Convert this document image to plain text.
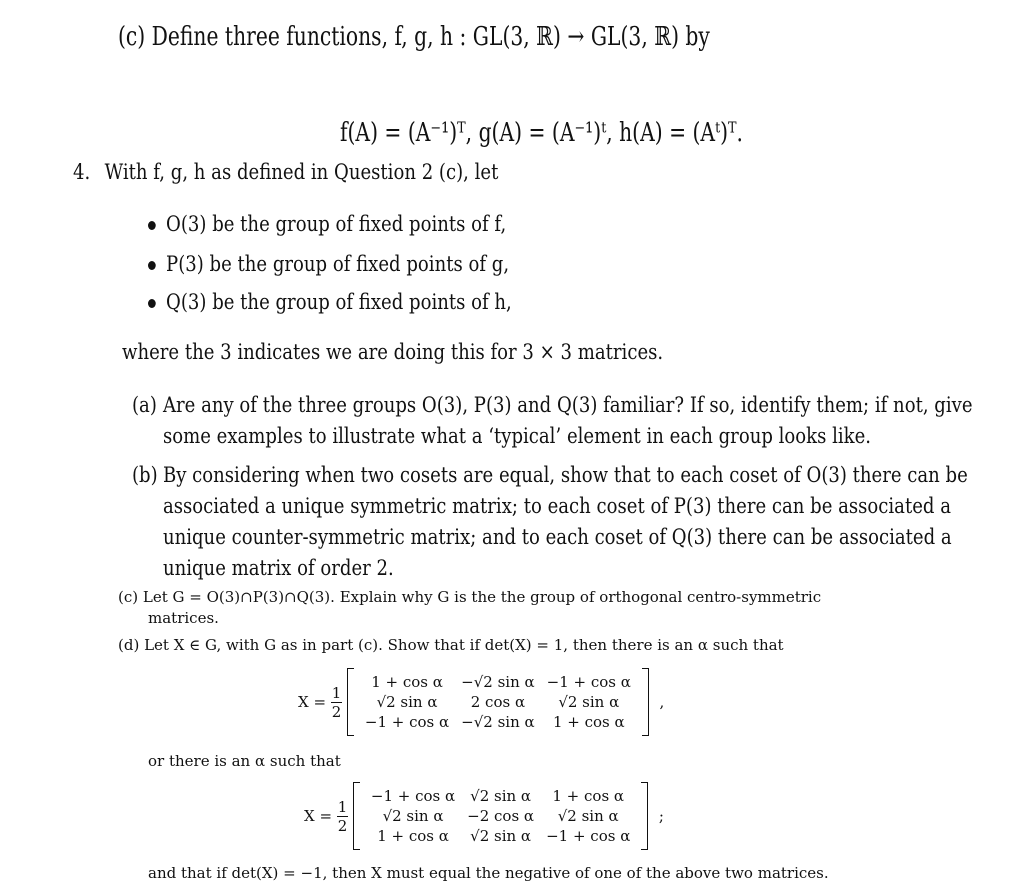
(c) Define three functions, f, g, h : GL(3, ℝ) → GL(3, ℝ) by
f(A) = (A⁻¹)ᵀ, g(A) = (A⁻¹)ᵗ, h(A) = (Aᵗ)ᵀ.
4. With f, g, h as defined in Question 2 (c), let
O(3) be the group of fixed points of f,
P(3) be the group of fixed points of g,
Q(3) be the group of fixed points of h,
where the 3 indicates we are doing this for 3 × 3 matrices.
(a) Are any of the three groups O(3), P(3) and Q(3) familiar? If so, identify them; if not, give
some examples to illustrate what a ‘typical’ element in each group looks like.
(b) By considering when two cosets are equal, show that to each coset of O(3) there can be
associated a unique symmetric matrix; to each coset of P(3) there can be associated a
unique counter-symmetric matrix; and to each coset of Q(3) there can be associated a
unique matrix of order 2.
(c) Let G = O(3)∩P(3)∩Q(3). Explain why G is the the group of orthogonal centro-symmetric
matrices.
(d) Let X ∈ G, with G as in part (c). Show that if det(X) = 1, then there is an α such that
$X = \frac{1}{2}$
1 + cos α	−√2 sin α	−1 + cos α
√2 sin α	2 cos α	√2 sin α
−1 + cos α	−√2 sin α	1 + cos α  ,
or there is an α such that
$X = \frac{1}{2}$
−1 + cos α	√2 sin α	1 + cos α
√2 sin α	−2 cos α	√2 sin α
1 + cos α	√2 sin α	−1 + cos α  ;
and that if det(X) = −1, then X must equal the negative of one of the above two matrices.
